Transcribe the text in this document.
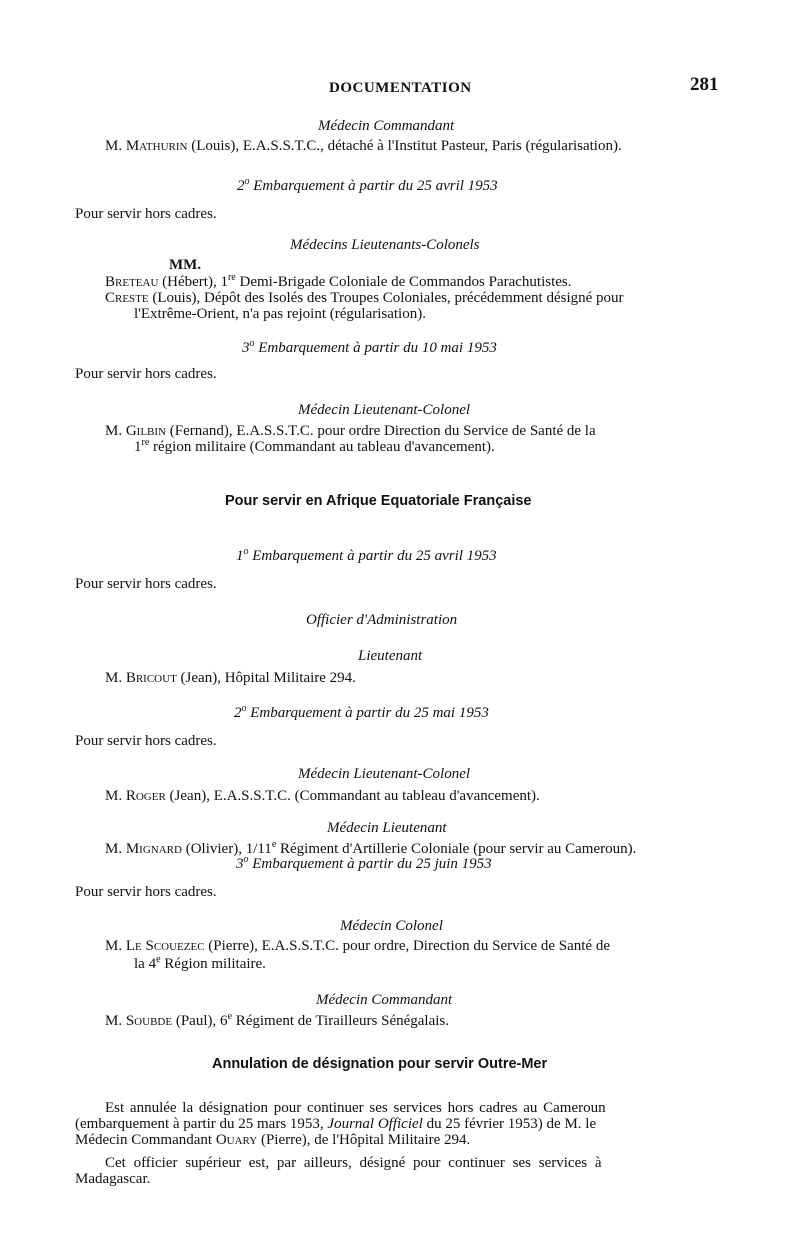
DOCUMENTATION	281
Médecin Commandant
M. Mathurin (Louis), E.A.S.S.T.C., détaché à l'Institut Pasteur, Paris (régularisation).
2$^o$ Embarquement à partir du 25 avril 1953
Pour servir hors cadres.
Médecins Lieutenants-Colonels
MM.
Breteau (Hébert), 1re Demi-Brigade Coloniale de Commandos Parachutistes.
Creste (Louis), Dépôt des Isolés des Troupes Coloniales, précédemment désigné pour
l'Extrême-Orient, n'a pas rejoint (régularisation).
3$^o$ Embarquement à partir du 10 mai 1953
Pour servir hors cadres.
Médecin Lieutenant-Colonel
M. Gilbin (Fernand), E.A.S.S.T.C. pour ordre Direction du Service de Santé de la
1re région militaire (Commandant au tableau d'avancement).
Pour servir en Afrique Equatoriale Française
1$^o$ Embarquement à partir du 25 avril 1953
Pour servir hors cadres.
Officier d'Administration
Lieutenant
M. Bricout (Jean), Hôpital Militaire 294.
2$^o$ Embarquement à partir du 25 mai 1953
Pour servir hors cadres.
Médecin Lieutenant-Colonel
M. Roger (Jean), E.A.S.S.T.C. (Commandant au tableau d'avancement).
Médecin Lieutenant
M. Mignard (Olivier), 1/11e Régiment d'Artillerie Coloniale (pour servir au Cameroun).
3$^o$ Embarquement à partir du 25 juin 1953
Pour servir hors cadres.
Médecin Colonel
M. Le Scouezec (Pierre), E.A.S.S.T.C. pour ordre, Direction du Service de Santé de
la 4e Région militaire.
Médecin Commandant
M. Soubde (Paul), 6e Régiment de Tirailleurs Sénégalais.
Annulation de désignation pour servir Outre-Mer
Est annulée la désignation pour continuer ses services hors cadres au Cameroun
(embarquement à partir du 25 mars 1953, Journal Officiel du 25 février 1953) de M. le
Médecin Commandant Ouary (Pierre), de l'Hôpital Militaire 294.
Cet officier supérieur est, par ailleurs, désigné pour continuer ses services à
Madagascar.
